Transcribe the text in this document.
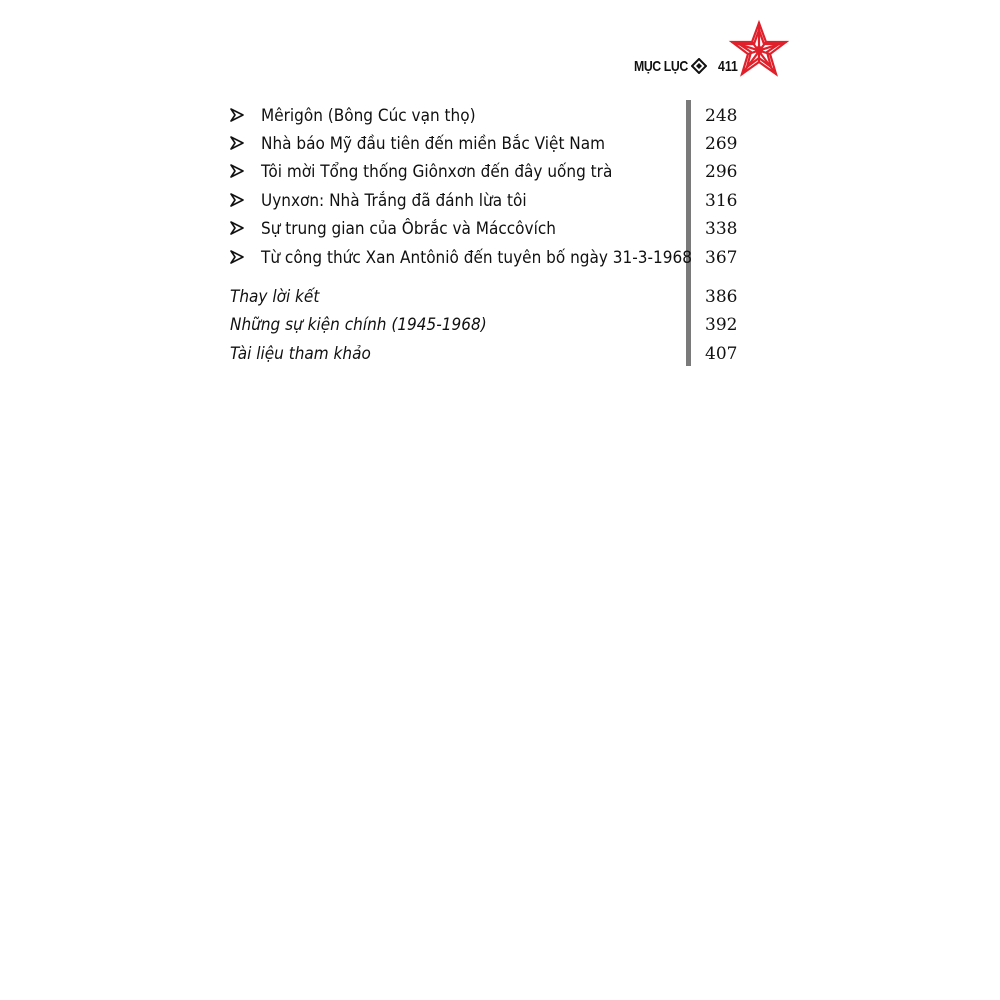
MỤC LỤC 411
Mêrigôn (Bông Cúc vạn thọ)	248
Nhà báo Mỹ đầu tiên đến miền Bắc Việt Nam	269
Tôi mời Tổng thống Giônxơn đến đây uống trà	296
Uynxơn: Nhà Trắng đã đánh lừa tôi	316
Sự trung gian của Ôbrắc và Máccôvích	338
Từ công thức Xan Antôniô đến tuyên bố ngày 31-3-1968 367
Thay lời kết	386
Những sự kiện chính (1945-1968)	392
Tài liệu tham khảo	407
